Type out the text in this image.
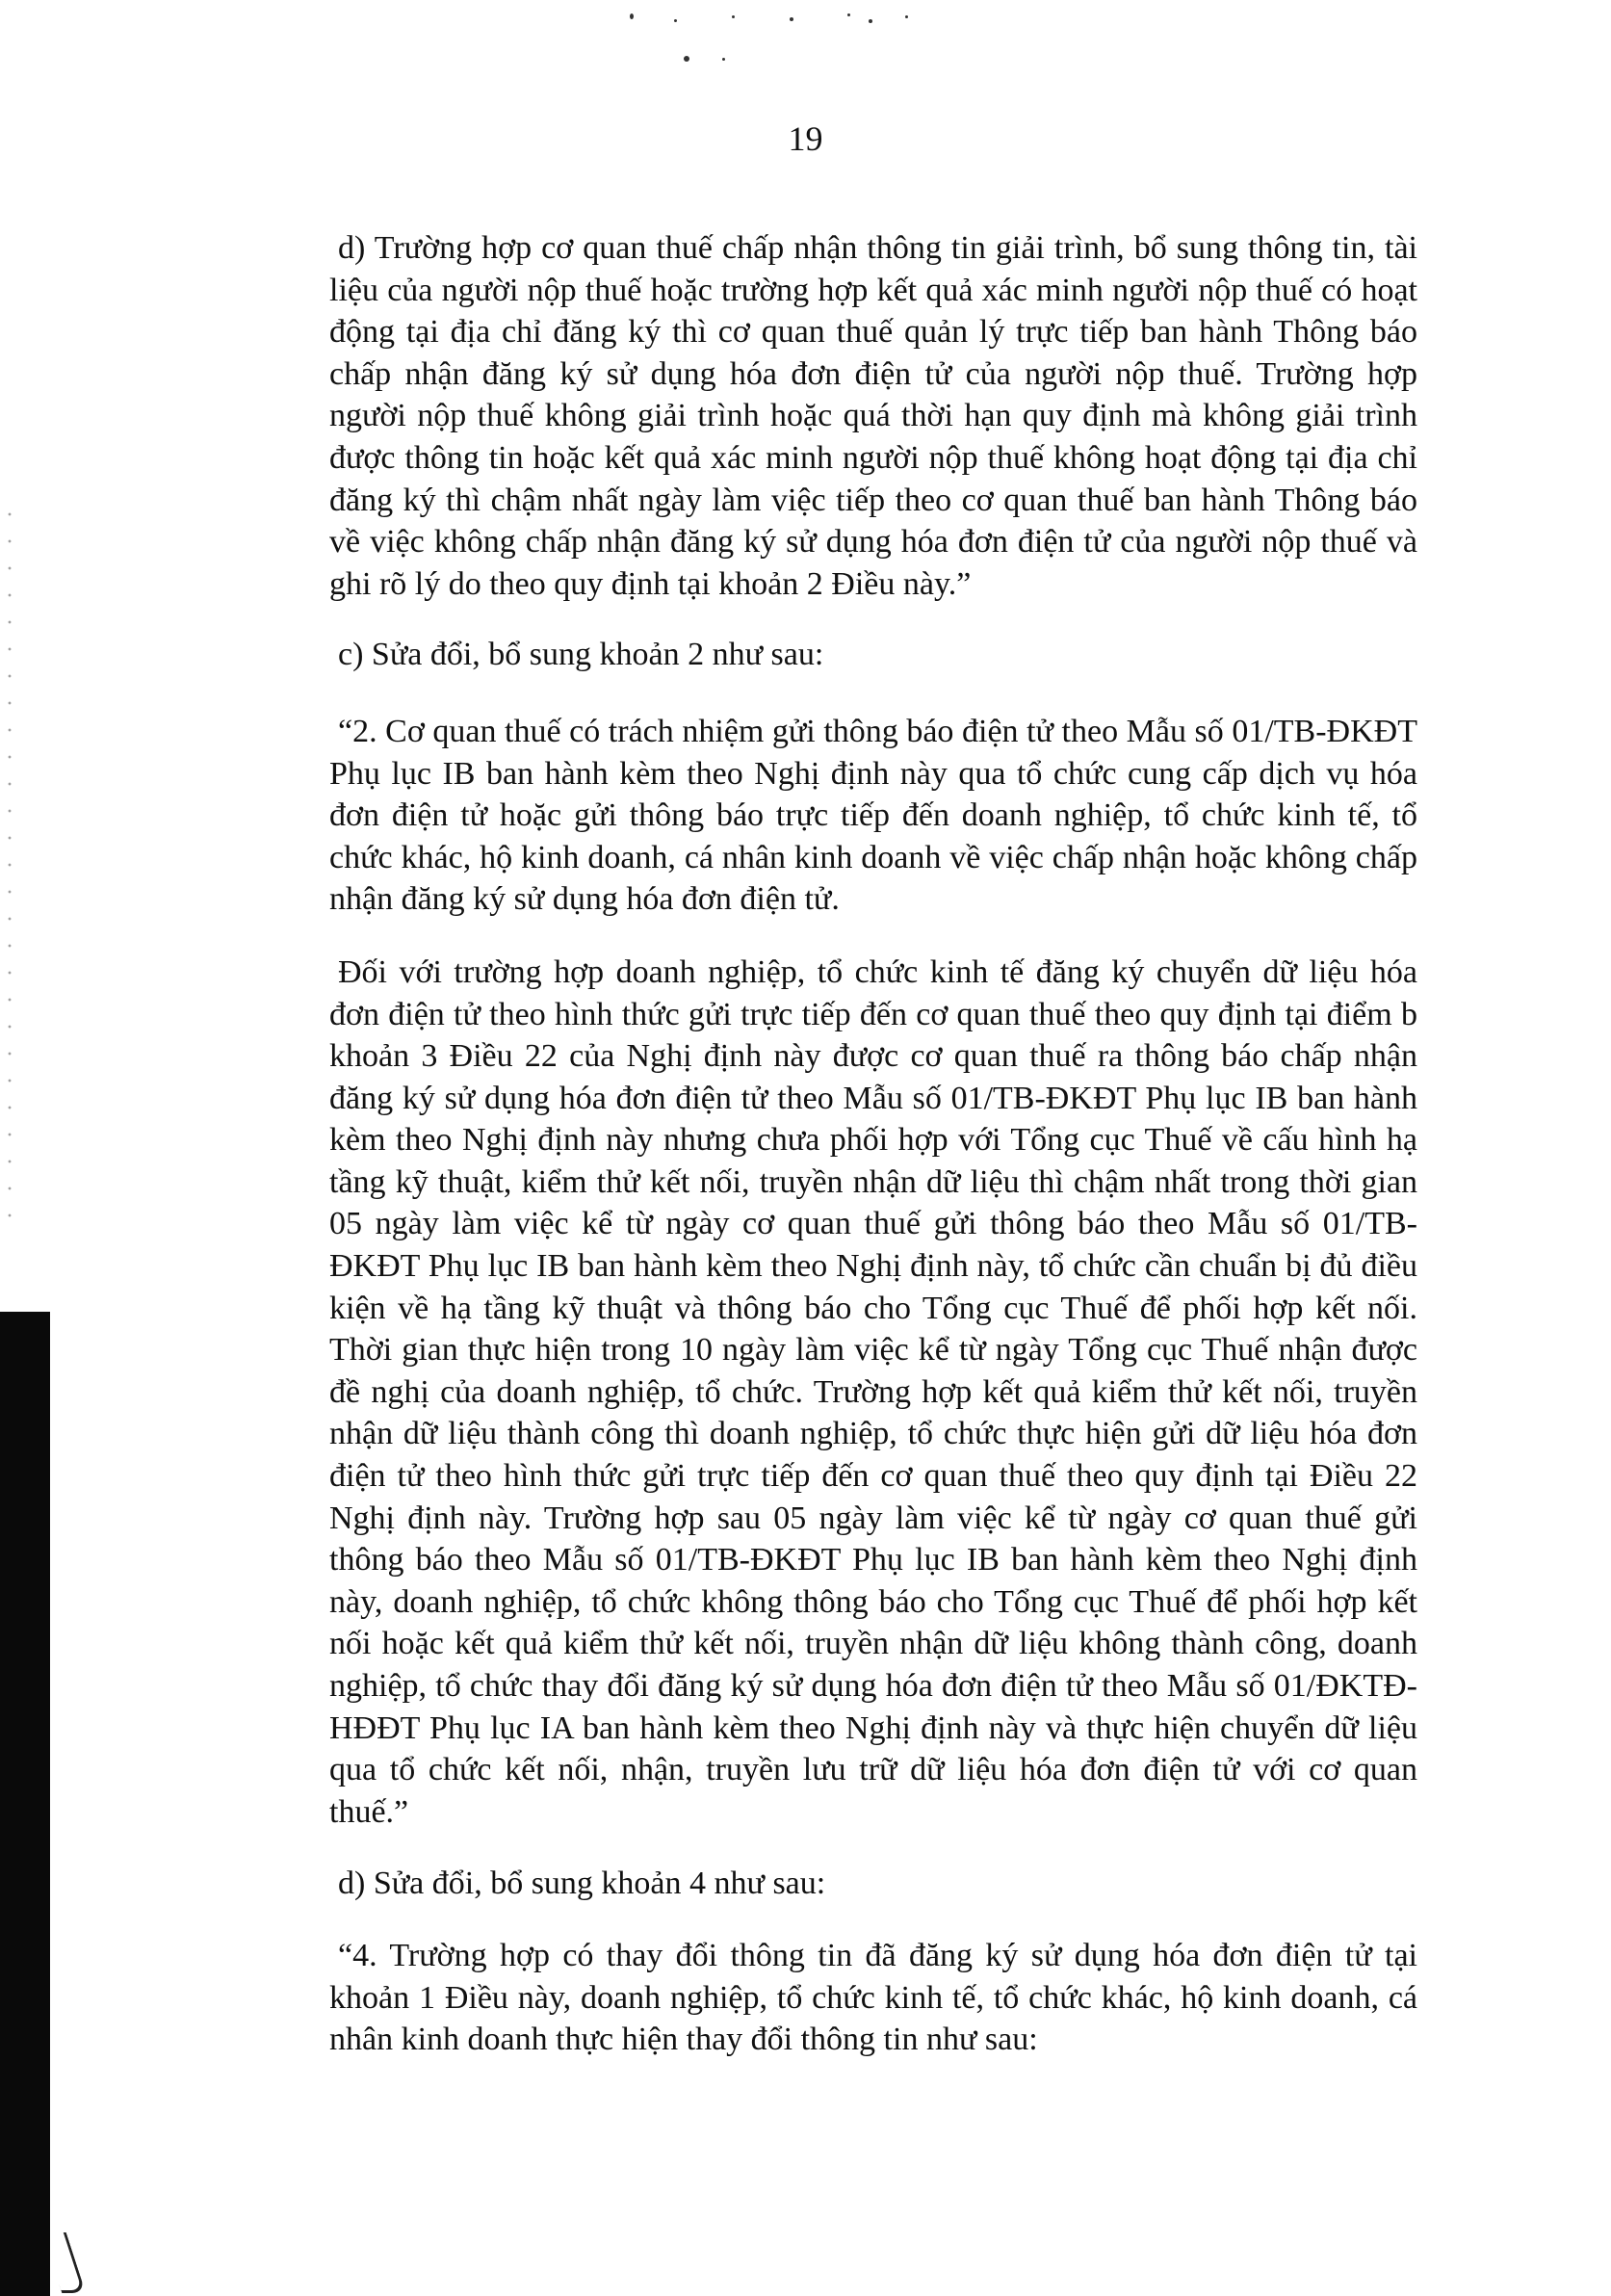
19

d) Trường hợp cơ quan thuế chấp nhận thông tin giải trình, bổ sung thông tin, tài liệu của người nộp thuế hoặc trường hợp kết quả xác minh người nộp thuế có hoạt động tại địa chỉ đăng ký thì cơ quan thuế quản lý trực tiếp ban hành Thông báo chấp nhận đăng ký sử dụng hóa đơn điện tử của người nộp thuế. Trường hợp người nộp thuế không giải trình hoặc quá thời hạn quy định mà không giải trình được thông tin hoặc kết quả xác minh người nộp thuế không hoạt động tại địa chỉ đăng ký thì chậm nhất ngày làm việc tiếp theo cơ quan thuế ban hành Thông báo về việc không chấp nhận đăng ký sử dụng hóa đơn điện tử của người nộp thuế và ghi rõ lý do theo quy định tại khoản 2 Điều này.”

c) Sửa đổi, bổ sung khoản 2 như sau:

“2. Cơ quan thuế có trách nhiệm gửi thông báo điện tử theo Mẫu số 01/TB-ĐKĐT Phụ lục IB ban hành kèm theo Nghị định này qua tổ chức cung cấp dịch vụ hóa đơn điện tử hoặc gửi thông báo trực tiếp đến doanh nghiệp, tổ chức kinh tế, tổ chức khác, hộ kinh doanh, cá nhân kinh doanh về việc chấp nhận hoặc không chấp nhận đăng ký sử dụng hóa đơn điện tử.

Đối với trường hợp doanh nghiệp, tổ chức kinh tế đăng ký chuyển dữ liệu hóa đơn điện tử theo hình thức gửi trực tiếp đến cơ quan thuế theo quy định tại điểm b khoản 3 Điều 22 của Nghị định này được cơ quan thuế ra thông báo chấp nhận đăng ký sử dụng hóa đơn điện tử theo Mẫu số 01/TB-ĐKĐT Phụ lục IB ban hành kèm theo Nghị định này nhưng chưa phối hợp với Tổng cục Thuế về cấu hình hạ tầng kỹ thuật, kiểm thử kết nối, truyền nhận dữ liệu thì chậm nhất trong thời gian 05 ngày làm việc kể từ ngày cơ quan thuế gửi thông báo theo Mẫu số 01/TB-ĐKĐT Phụ lục IB ban hành kèm theo Nghị định này, tổ chức cần chuẩn bị đủ điều kiện về hạ tầng kỹ thuật và thông báo cho Tổng cục Thuế để phối hợp kết nối. Thời gian thực hiện trong 10 ngày làm việc kể từ ngày Tổng cục Thuế nhận được đề nghị của doanh nghiệp, tổ chức. Trường hợp kết quả kiểm thử kết nối, truyền nhận dữ liệu thành công thì doanh nghiệp, tổ chức thực hiện gửi dữ liệu hóa đơn điện tử theo hình thức gửi trực tiếp đến cơ quan thuế theo quy định tại Điều 22 Nghị định này. Trường hợp sau 05 ngày làm việc kể từ ngày cơ quan thuế gửi thông báo theo Mẫu số 01/TB-ĐKĐT Phụ lục IB ban hành kèm theo Nghị định này, doanh nghiệp, tổ chức không thông báo cho Tổng cục Thuế để phối hợp kết nối hoặc kết quả kiểm thử kết nối, truyền nhận dữ liệu không thành công, doanh nghiệp, tổ chức thay đổi đăng ký sử dụng hóa đơn điện tử theo Mẫu số 01/ĐKTĐ-HĐĐT Phụ lục IA ban hành kèm theo Nghị định này và thực hiện chuyển dữ liệu qua tổ chức kết nối, nhận, truyền lưu trữ dữ liệu hóa đơn điện tử với cơ quan thuế.”

d) Sửa đổi, bổ sung khoản 4 như sau:

“4. Trường hợp có thay đổi thông tin đã đăng ký sử dụng hóa đơn điện tử tại khoản 1 Điều này, doanh nghiệp, tổ chức kinh tế, tổ chức khác, hộ kinh doanh, cá nhân kinh doanh thực hiện thay đổi thông tin như sau:
